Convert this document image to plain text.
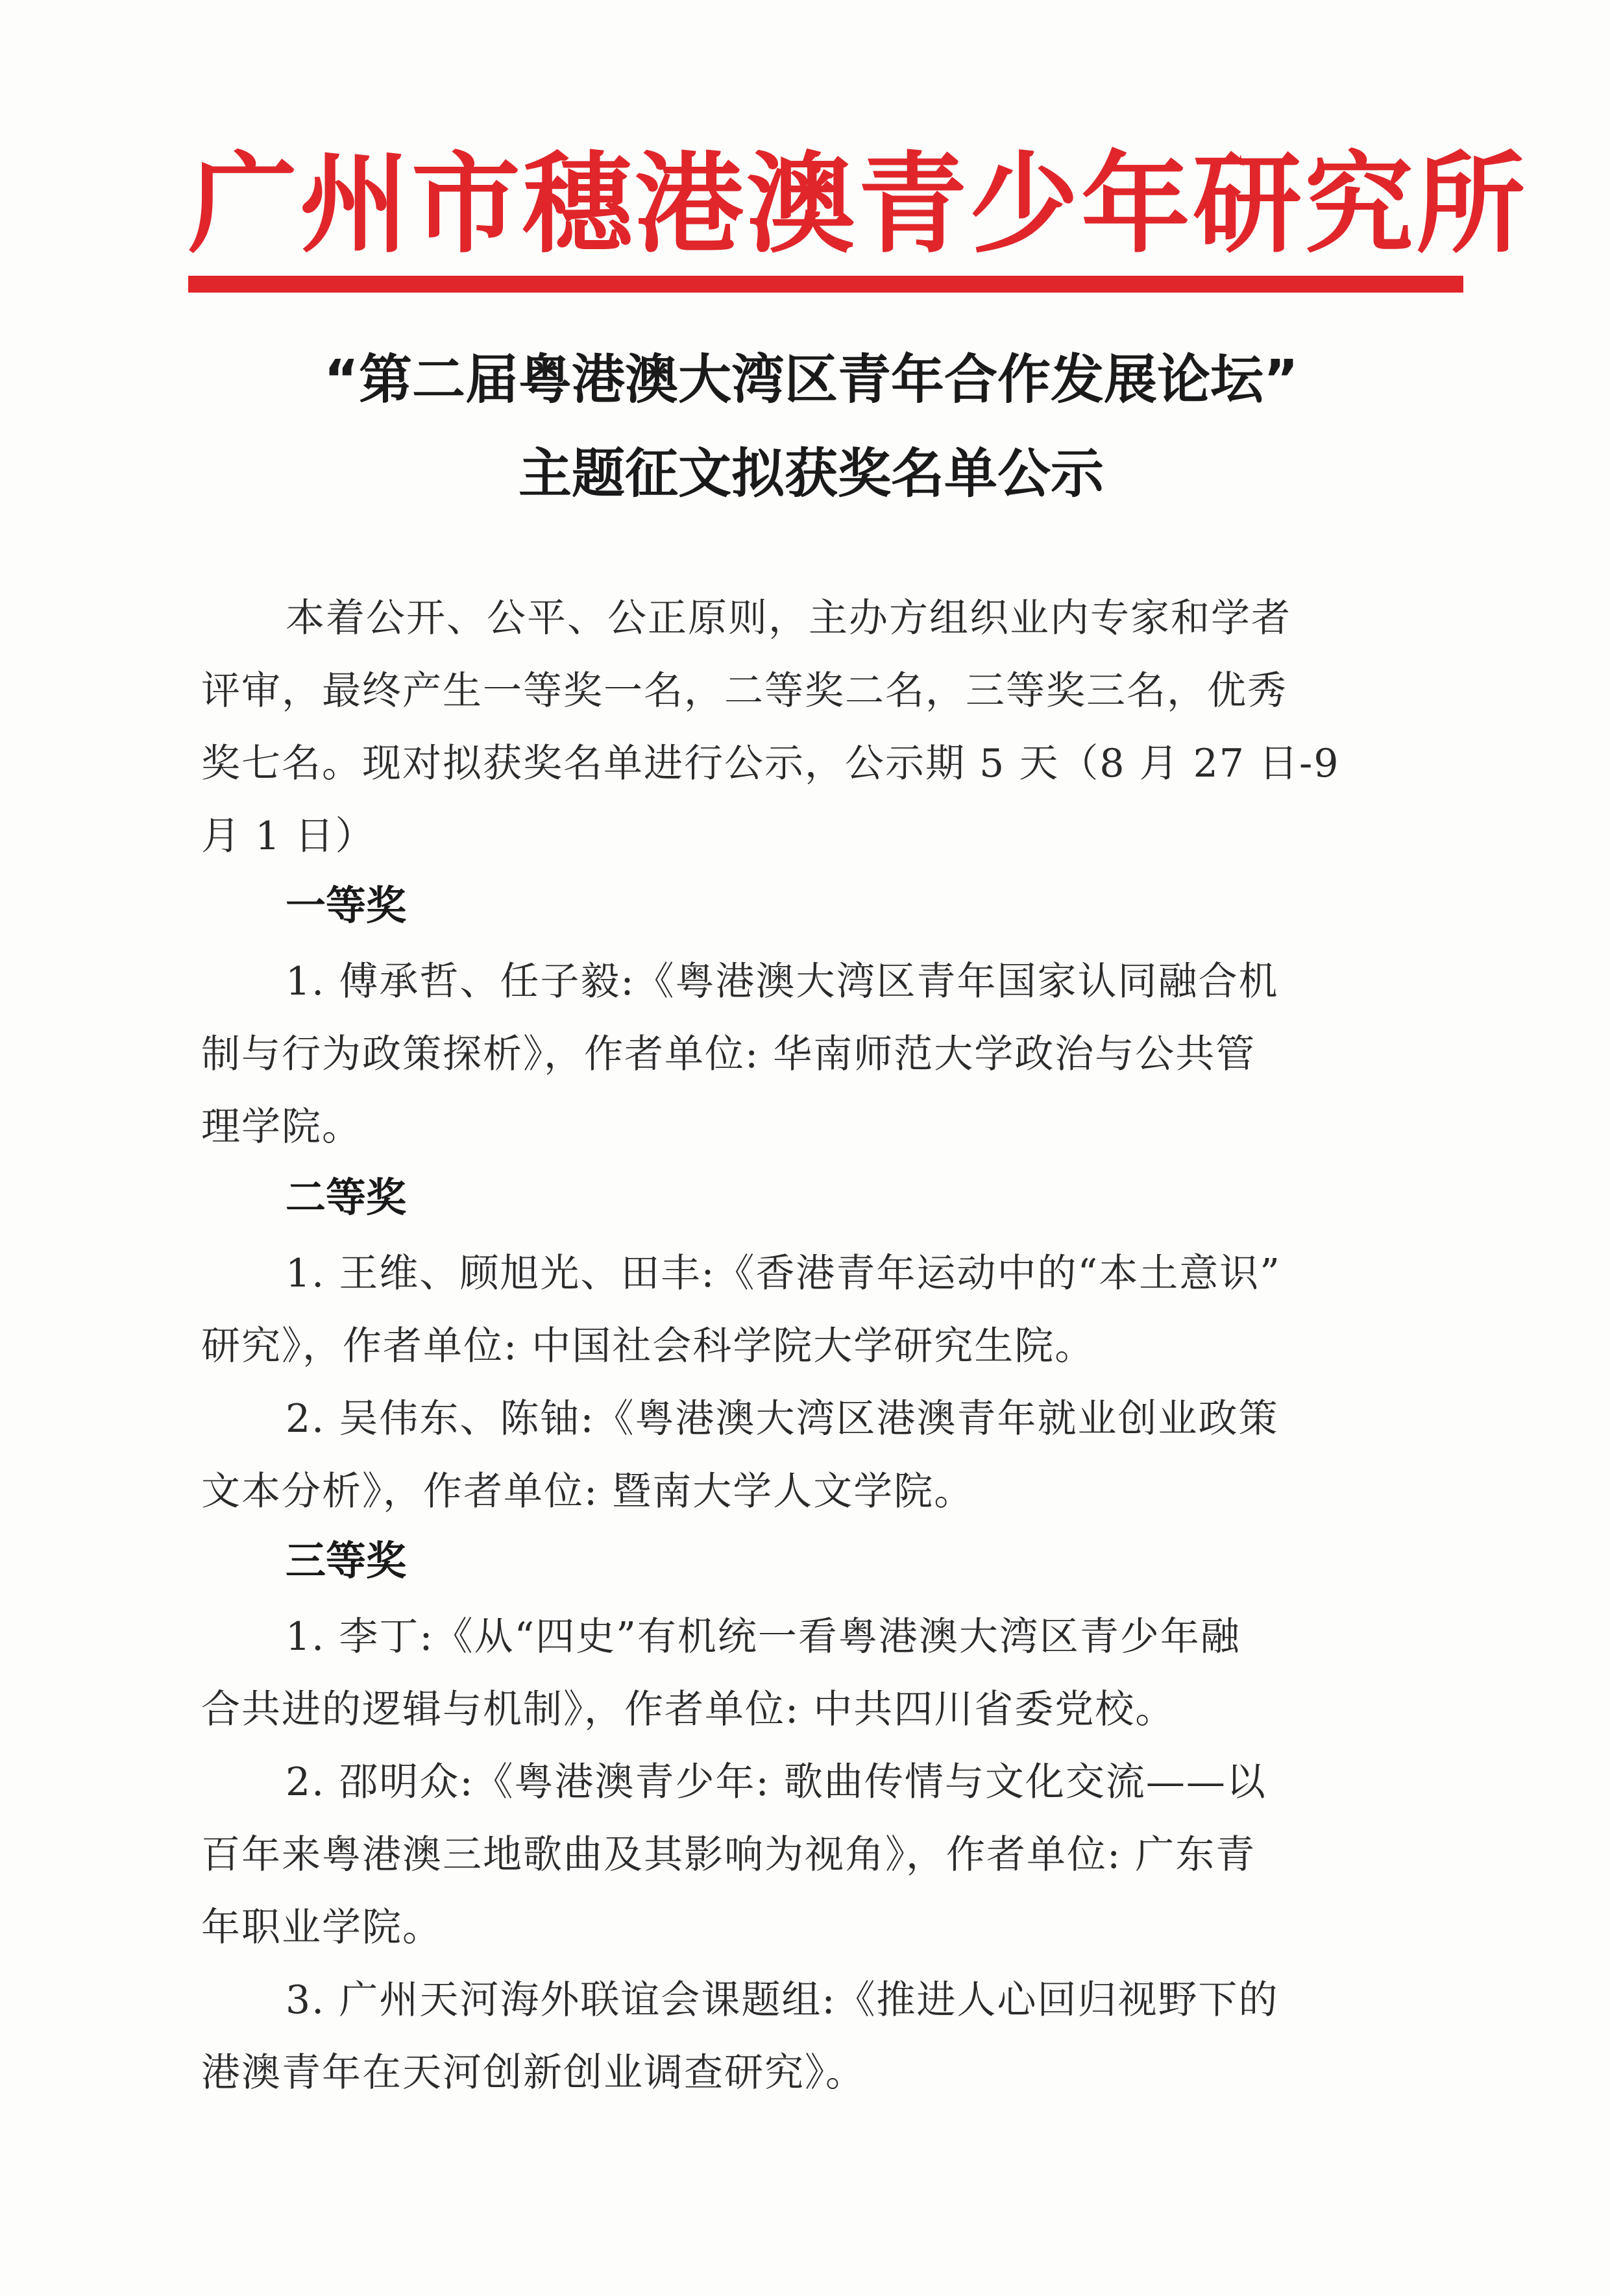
广州市穗港澳青少年研究所
“第二届粤港澳大湾区青年合作发展论坛”
主题征文拟获奖名单公示
本着公开、公平、公正原则，主办方组织业内专家和学者
评审，最终产生一等奖一名，二等奖二名，三等奖三名，优秀
奖七名。现对拟获奖名单进行公示，公示期 5 天（8 月 27 日-9
月 1 日）
一等奖
1. 傅承哲、任子毅:《粤港澳大湾区青年国家认同融合机
制与行为政策探析》，作者单位: 华南师范大学政治与公共管
理学院。
二等奖
1. 王维、顾旭光、田丰:《香港青年运动中的“本土意识”
研究》，作者单位: 中国社会科学院大学研究生院。
2. 吴伟东、陈铀:《粤港澳大湾区港澳青年就业创业政策
文本分析》，作者单位: 暨南大学人文学院。
三等奖
1. 李丁:《从“四史”有机统一看粤港澳大湾区青少年融
合共进的逻辑与机制》，作者单位: 中共四川省委党校。
2. 邵明众:《粤港澳青少年: 歌曲传情与文化交流——以
百年来粤港澳三地歌曲及其影响为视角》，作者单位: 广东青
年职业学院。
3. 广州天河海外联谊会课题组:《推进人心回归视野下的
港澳青年在天河创新创业调查研究》。
